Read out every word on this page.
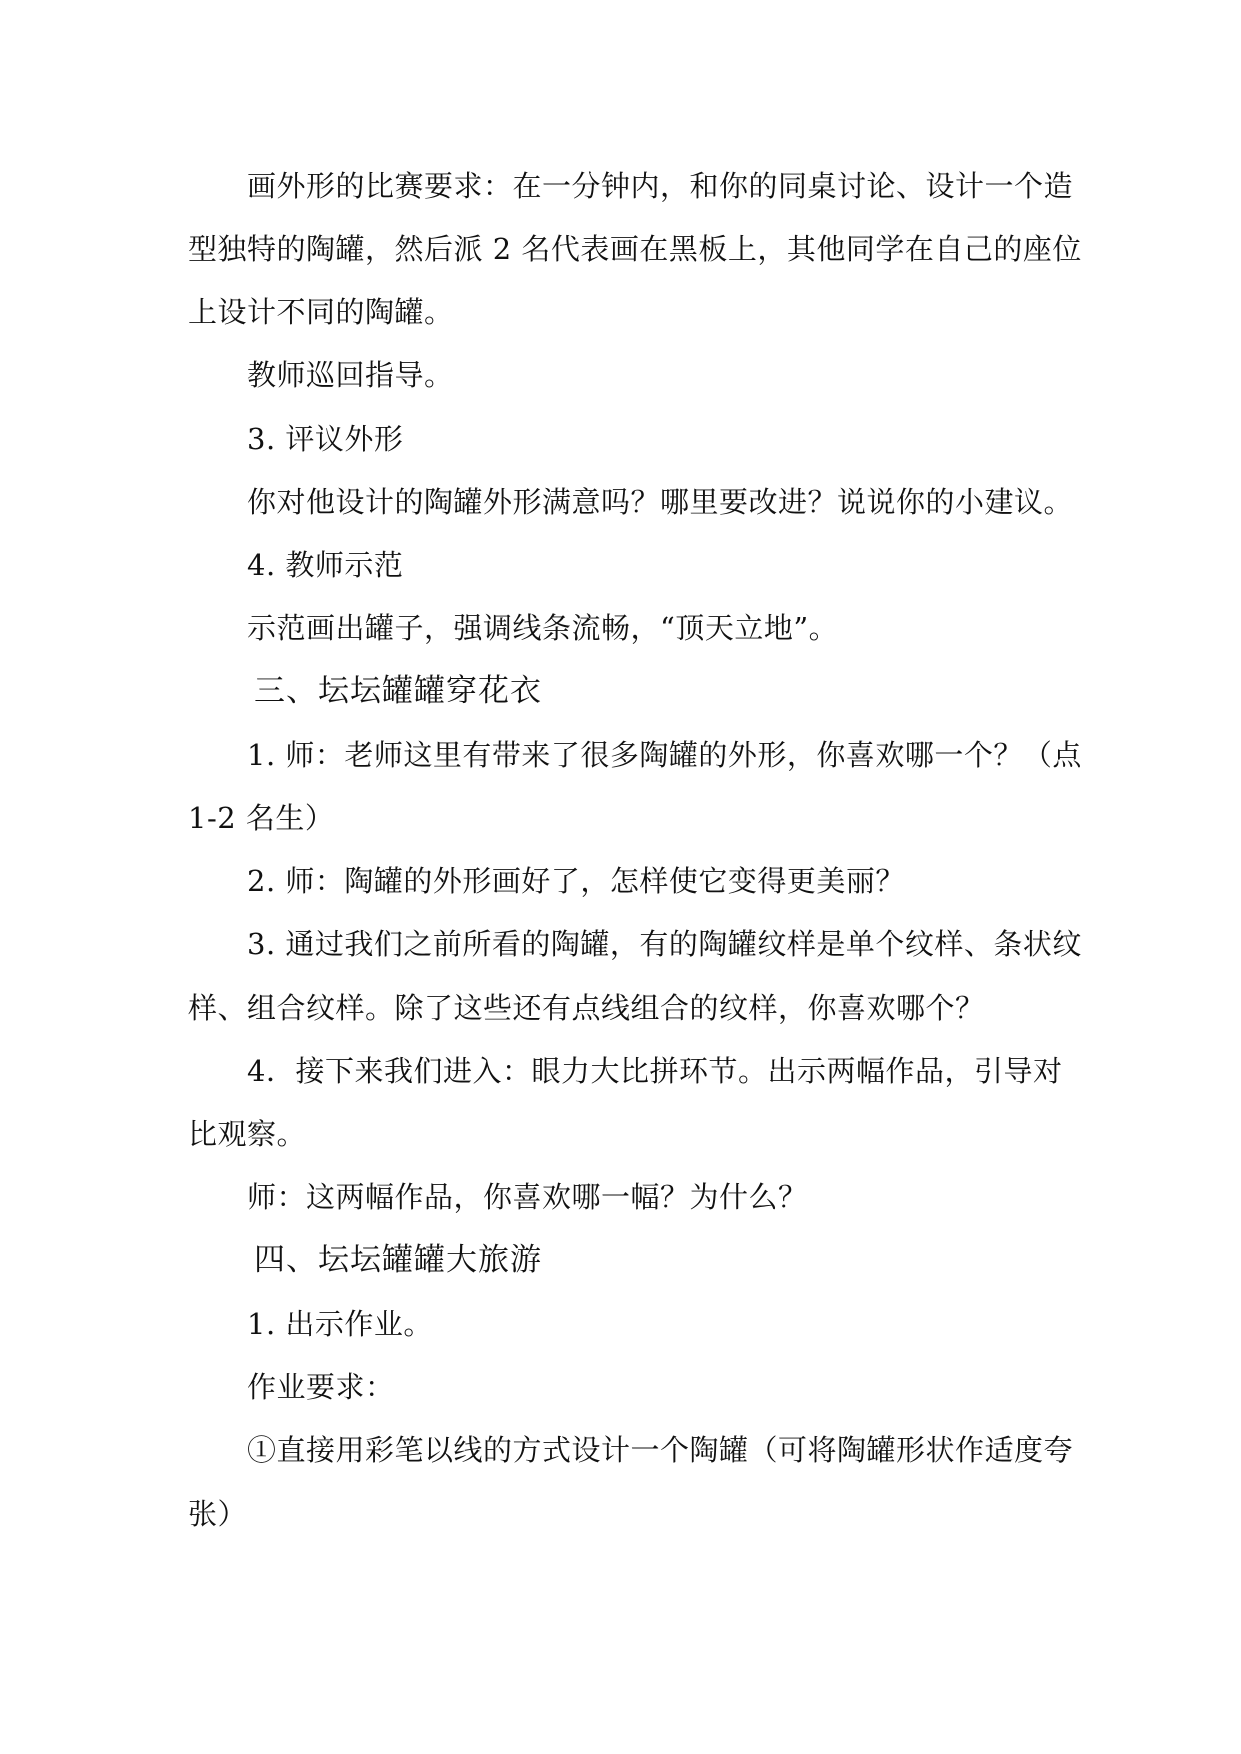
画外形的比赛要求：在一分钟内，和你的同桌讨论、设计一个造
型独特的陶罐，然后派 2 名代表画在黑板上，其他同学在自己的座位
上设计不同的陶罐。
教师巡回指导。
3. 评议外形
你对他设计的陶罐外形满意吗？哪里要改进？说说你的小建议。
4. 教师示范
示范画出罐子，强调线条流畅，“顶天立地”。
三、坛坛罐罐穿花衣
1. 师：老师这里有带来了很多陶罐的外形，你喜欢哪一个？（点
1-2 名生）
2. 师：陶罐的外形画好了，怎样使它变得更美丽？
3. 通过我们之前所看的陶罐，有的陶罐纹样是单个纹样、条状纹
样、组合纹样。除了这些还有点线组合的纹样，你喜欢哪个？
4．接下来我们进入：眼力大比拼环节。出示两幅作品，引导对
比观察。
师：这两幅作品，你喜欢哪一幅？为什么？
四、坛坛罐罐大旅游
1. 出示作业。
作业要求：
①直接用彩笔以线的方式设计一个陶罐（可将陶罐形状作适度夸
张）
